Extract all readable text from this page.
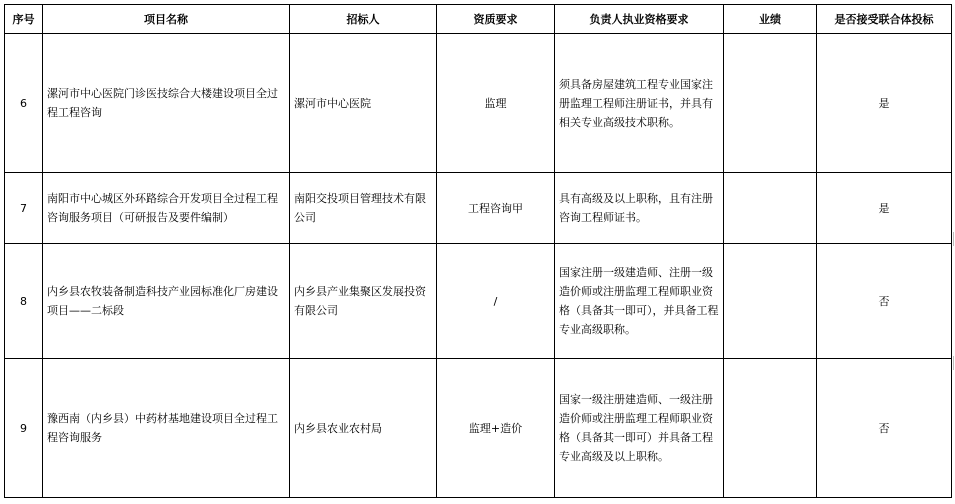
序号	项目名称	招标人	资质要求	负责人执业资格要求	业绩	是否接受联合体投标
6	漯河市中心医院门诊医技综合大楼建设项目全过程工程咨询	漯河市中心医院	监理	须具备房屋建筑工程专业国家注册监理工程师注册证书，并具有相关专业高级技术职称。		是
7	南阳市中心城区外环路综合开发项目全过程工程咨询服务项目（可研报告及要件编制）	南阳交投项目管理技术有限公司	工程咨询甲	具有高级及以上职称，且有注册咨询工程师证书。		是
8	内乡县农牧装备制造科技产业园标准化厂房建设项目——二标段	内乡县产业集聚区发展投资有限公司	/	国家注册一级建造师、注册一级造价师或注册监理工程师职业资格（具备其一即可），并具备工程专业高级职称。		否
9	豫西南（内乡县）中药材基地建设项目全过程工程咨询服务	内乡县农业农村局	监理+造价	国家一级注册建造师、一级注册造价师或注册监理工程师职业资格（具备其一即可）并具备工程专业高级及以上职称。		否
